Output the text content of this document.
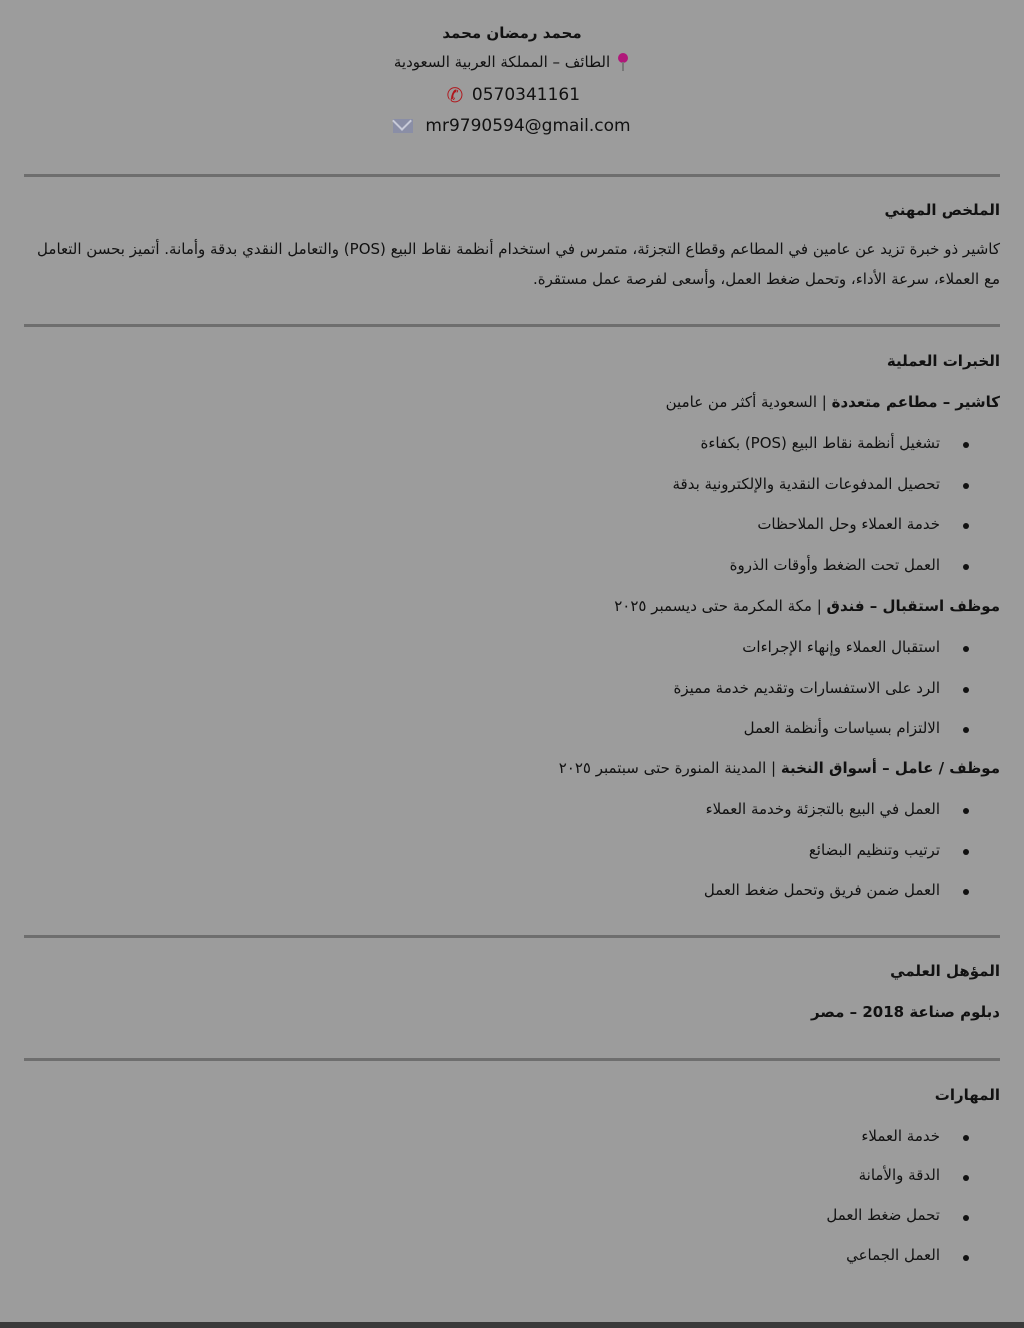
محمد رمضان محمد
الطائف – المملكة العربية السعودية
✆ 0570341161
mr9790594@gmail.com
الملخص المهني
كاشير ذو خبرة تزيد عن عامين في المطاعم وقطاع التجزئة، متمرس في استخدام أنظمة نقاط البيع (POS) والتعامل النقدي بدقة وأمانة. أتميز بحسن التعامل
مع العملاء، سرعة الأداء، وتحمل ضغط العمل، وأسعى لفرصة عمل مستقرة.
الخبرات العملية
كاشير – مطاعم متعددة | السعودية أكثر من عامين
تشغيل أنظمة نقاط البيع (POS) بكفاءة
تحصيل المدفوعات النقدية والإلكترونية بدقة
خدمة العملاء وحل الملاحظات
العمل تحت الضغط وأوقات الذروة
موظف استقبال – فندق | مكة المكرمة حتى ديسمبر ٢٠٢٥
استقبال العملاء وإنهاء الإجراءات
الرد على الاستفسارات وتقديم خدمة مميزة
الالتزام بسياسات وأنظمة العمل
موظف / عامل – أسواق النخبة | المدينة المنورة حتى سبتمبر ٢٠٢٥
العمل في البيع بالتجزئة وخدمة العملاء
ترتيب وتنظيم البضائع
العمل ضمن فريق وتحمل ضغط العمل
المؤهل العلمي
دبلوم صناعة 2018 – مصر
المهارات
خدمة العملاء
الدقة والأمانة
تحمل ضغط العمل
العمل الجماعي
